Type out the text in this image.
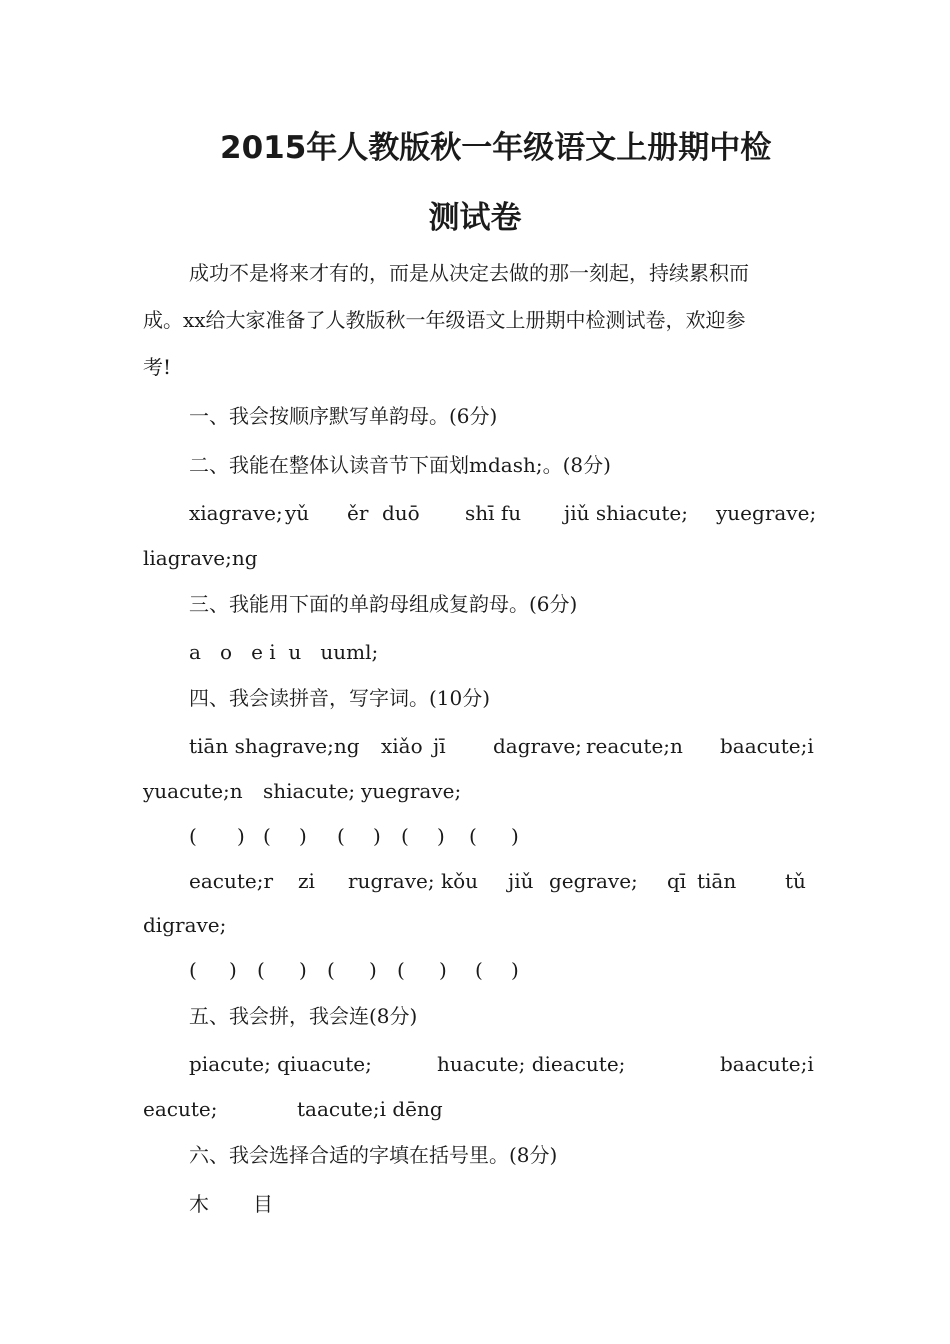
2015年人教版秋一年级语文上册期中检
测试卷
成功不是将来才有的，而是从决定去做的那一刻起，持续累积而
成。xx给大家准备了人教版秋一年级语文上册期中检测试卷，欢迎参
考!
一、我会按顺序默写单韵母。(6分)
二、我能在整体认读音节下面划mdash;。(8分)
xiagrave; yǔ ěr duō shī fu jiǔ shiacute; yuegrave;
liagrave;ng
三、我能用下面的单韵母组成复韵母。(6分)
a   o   e i  u   uuml;
四、我会读拼音，写字词。(10分)
tiān shagrave;ng xiǎo jī dagrave; reacute;n baacute;i
yuacute;n shiacute; yuegrave;
( ) ( ) ( ) ( ) ( )
eacute;r zi rugrave; kǒu jiǔ gegrave; qī tiān tǔ
digrave;
( ) ( ) ( ) ( ) ( )
五、我会拼，我会连(8分)
piacute; qiuacute;	huacute; dieacute;	baacute;i
eacute;	taacute;i dēng
六、我会选择合适的字填在括号里。(8分)
木 目
